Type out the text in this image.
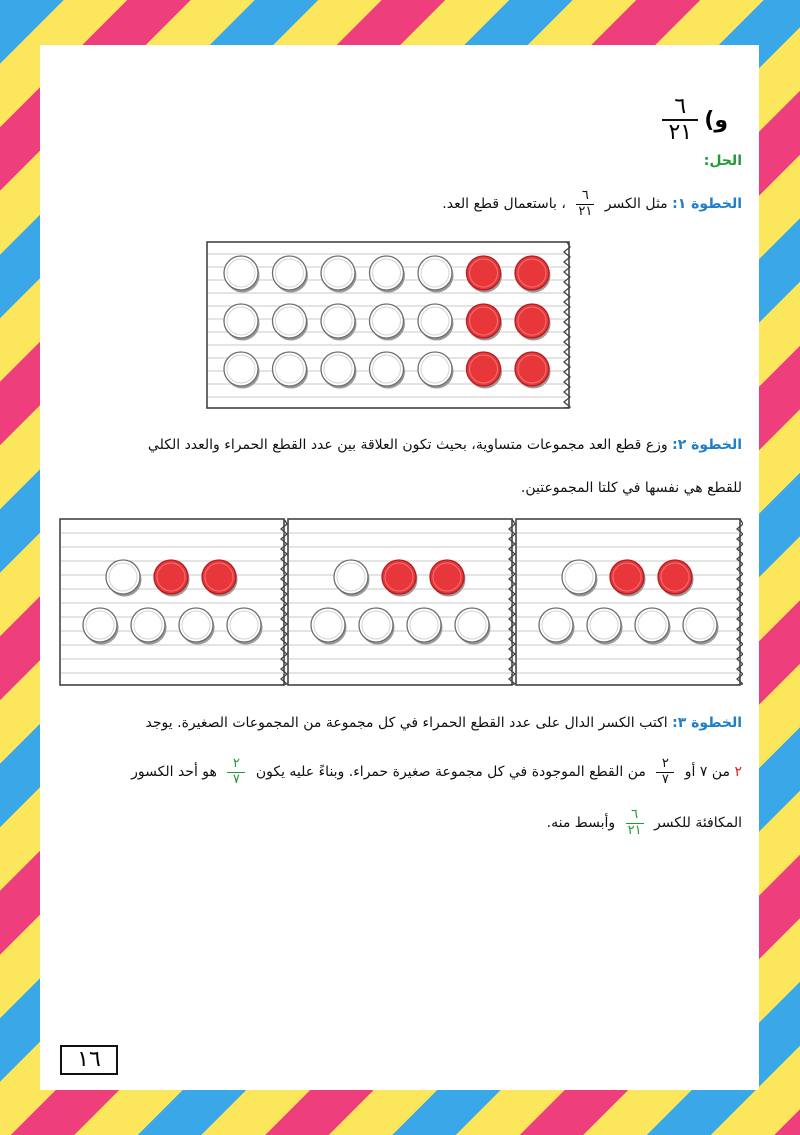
و)
$\frac{٦}{٢١}$
الحل:
الخطوة ١: مثل الكسر
$\frac{٦}{٢١}$
، باستعمال قطع العد.
الخطوة ٢: وزع قطع العد مجموعات متساوية، بحيث تكون العلاقة بين عدد القطع الحمراء والعدد الكلي
للقطع هي نفسها في كلتا المجموعتين.
الخطوة ٣: اكتب الكسر الدال على عدد القطع الحمراء في كل مجموعة من المجموعات الصغيرة. يوجد
٢ من ٧ أو
$\frac{٢}{٧}$
من القطع الموجودة في كل مجموعة صغيرة حمراء. وبناءً عليه يكون
$\frac{٢}{٧}$
هو أحد الكسور
المكافئة للكسر
$\frac{٦}{٢١}$
وأبسط منه.
١٦
